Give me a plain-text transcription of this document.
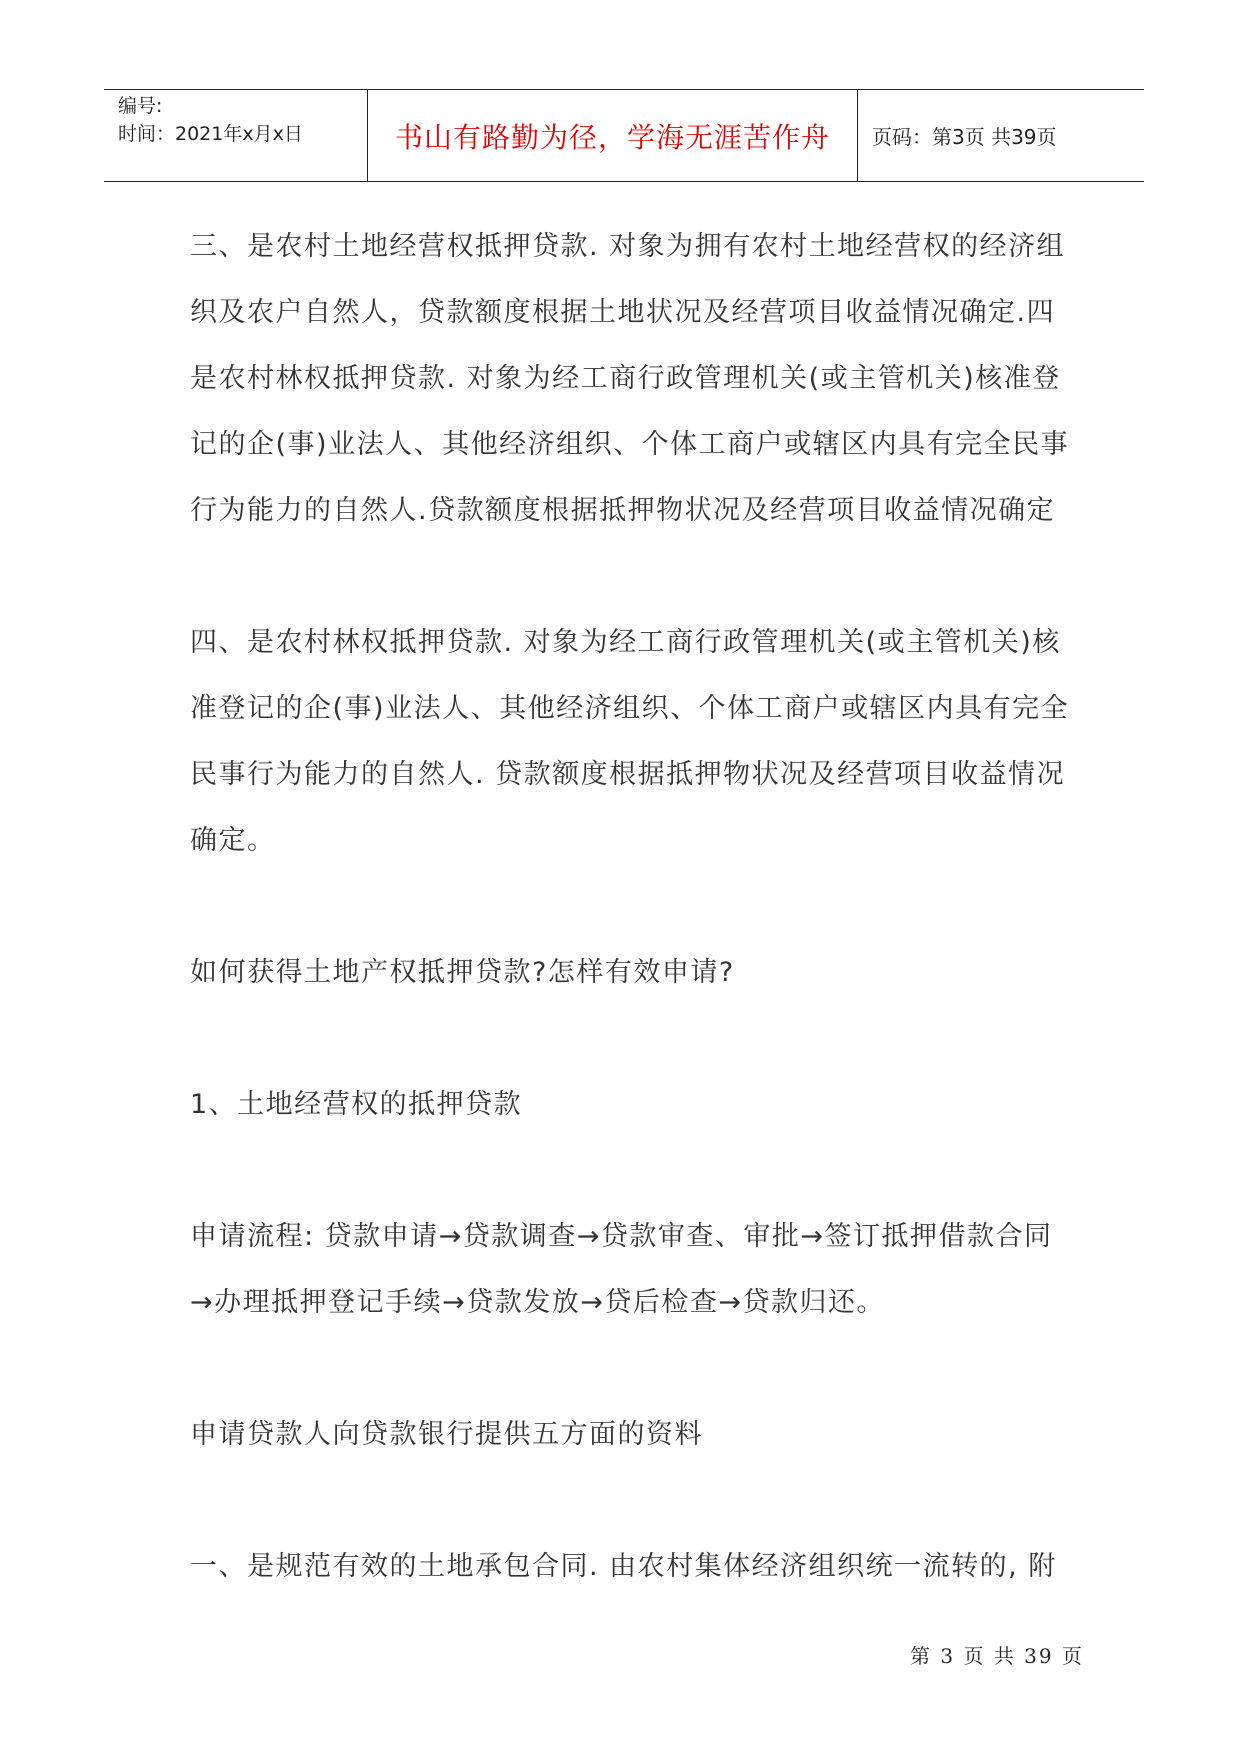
编号:
时间：2021年x月x日	书山有路勤为径，学海无涯苦作舟	页码：第3页 共39页

三、是农村土地经营权抵押贷款. 对象为拥有农村土地经营权的经济组

织及农户自然人，贷款额度根据土地状况及经营项目收益情况确定.四

是农村林权抵押贷款. 对象为经工商行政管理机关(或主管机关)核准登

记的企(事)业法人、其他经济组织、个体工商户或辖区内具有完全民事

行为能力的自然人.贷款额度根据抵押物状况及经营项目收益情况确定

四、是农村林权抵押贷款. 对象为经工商行政管理机关(或主管机关)核

准登记的企(事)业法人、其他经济组织、个体工商户或辖区内具有完全

民事行为能力的自然人. 贷款额度根据抵押物状况及经营项目收益情况

确定。

如何获得土地产权抵押贷款?怎样有效申请?

1、土地经营权的抵押贷款

申请流程: 贷款申请→贷款调查→贷款审查、审批→签订抵押借款合同

→办理抵押登记手续→贷款发放→贷后检查→贷款归还。

申请贷款人向贷款银行提供五方面的资料

一、是规范有效的土地承包合同. 由农村集体经济组织统一流转的, 附

第 3 页 共 39 页
